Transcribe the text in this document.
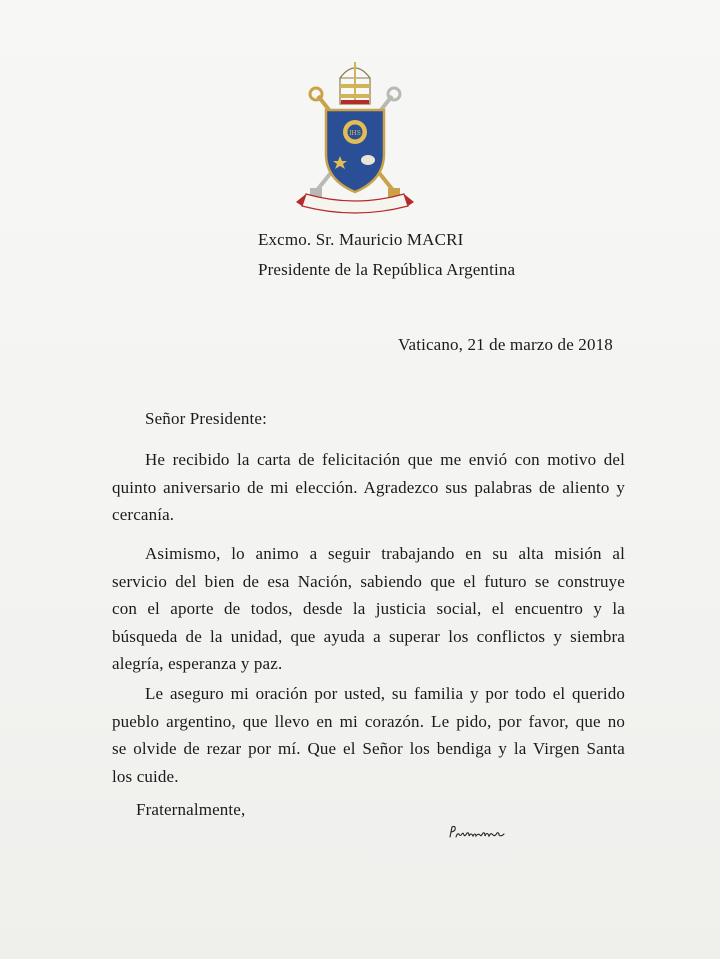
IHS
Excmo. Sr. Mauricio MACRI
Presidente de la República Argentina
Vaticano, 21 de marzo de 2018
Señor Presidente:
He recibido la carta de felicitación que me envió con motivo del
quinto aniversario de mi elección. Agradezco sus palabras de aliento y
cercanía.
Asimismo, lo animo a seguir trabajando en su alta misión al
servicio del bien de esa Nación, sabiendo que el futuro se construye
con el aporte de todos, desde la justicia social, el encuentro y la
búsqueda de la unidad, que ayuda a superar los conflictos y siembra
alegría, esperanza y paz.
Le aseguro mi oración por usted, su familia y por todo el querido
pueblo argentino, que llevo en mi corazón. Le pido, por favor, que no
se olvide de rezar por mí. Que el Señor los bendiga y la Virgen Santa
los cuide.
Fraternalmente,
